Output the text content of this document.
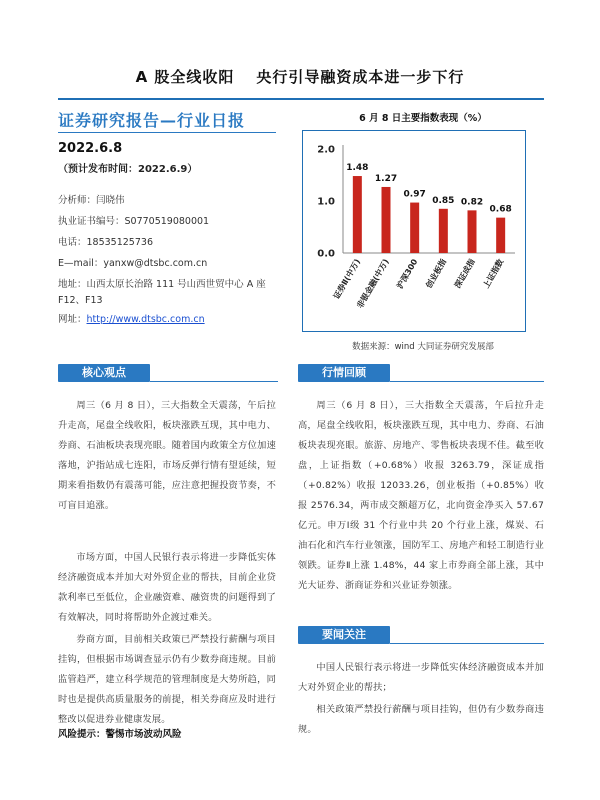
A 股全线收阳 央行引导融资成本进一步下行
证券研究报告—行业日报
2022.6.8
（预计发布时间：2022.6.9）
分析师：闫晓伟
执业证书编号：S0770519080001
电话：18535125736
E—mail：yanxw@dtsbc.com.cn
地址：山西太原长治路 111 号山西世贸中心 A 座
F12、F13
网址：http://www.dtsbc.com.cn
6 月 8 日主要指数表现（%）
0.0
1.0
2.0
1.48
证券Ⅱ(中万)
1.27
非银金融(中万)
0.97
沪深300
0.85
创业板指
0.82
深证成指
0.68
上证指数
数据来源：wind 大同证券研究发展部
核心观点
周三（6 月 8 日），三大指数全天震荡，午后拉升走高，尾盘全线收阳，板块涨跌互现，其中电力、券商、石油板块表现亮眼。随着国内政策全方位加速落地，沪指站成七连阳，市场反弹行情有望延续，短期来看指数仍有震荡可能，应注意把握投资节奏，不可盲目追涨。
市场方面，中国人民银行表示将进一步降低实体经济融资成本并加大对外贸企业的帮扶，目前企业贷款利率已至低位，企业融资难、融资贵的问题得到了有效解决，同时将帮助外企渡过难关。
券商方面，目前相关政策已严禁投行薪酬与项目挂钩，但根据市场调查显示仍有少数券商违规。目前监管趋严，建立科学规范的管理制度是大势所趋，同时也是提供高质量服务的前提，相关券商应及时进行整改以促进券业健康发展。
行情回顾
周三（6 月 8 日），三大指数全天震荡，午后拉升走高，尾盘全线收阳，板块涨跌互现，其中电力、券商、石油板块表现亮眼。旅游、房地产、零售板块表现不佳。截至收盘，上证指数（+0.68%）收报 3263.79，深证成指（+0.82%）收报 12033.26，创业板指（+0.85%）收报 2576.34，两市成交额超万亿，北向资金净买入 57.67 亿元。申万Ⅰ级 31 个行业中共 20 个行业上涨，煤炭、石油石化和汽车行业领涨，国防军工、房地产和轻工制造行业领跌。证券Ⅱ上涨 1.48%，44 家上市券商全部上涨，其中光大证券、浙商证券和兴业证券领涨。
要闻关注
中国人民银行表示将进一步降低实体经济融资成本并加大对外贸企业的帮扶；
相关政策严禁投行薪酬与项目挂钩，但仍有少数券商违规。
风险提示：警惕市场波动风险
